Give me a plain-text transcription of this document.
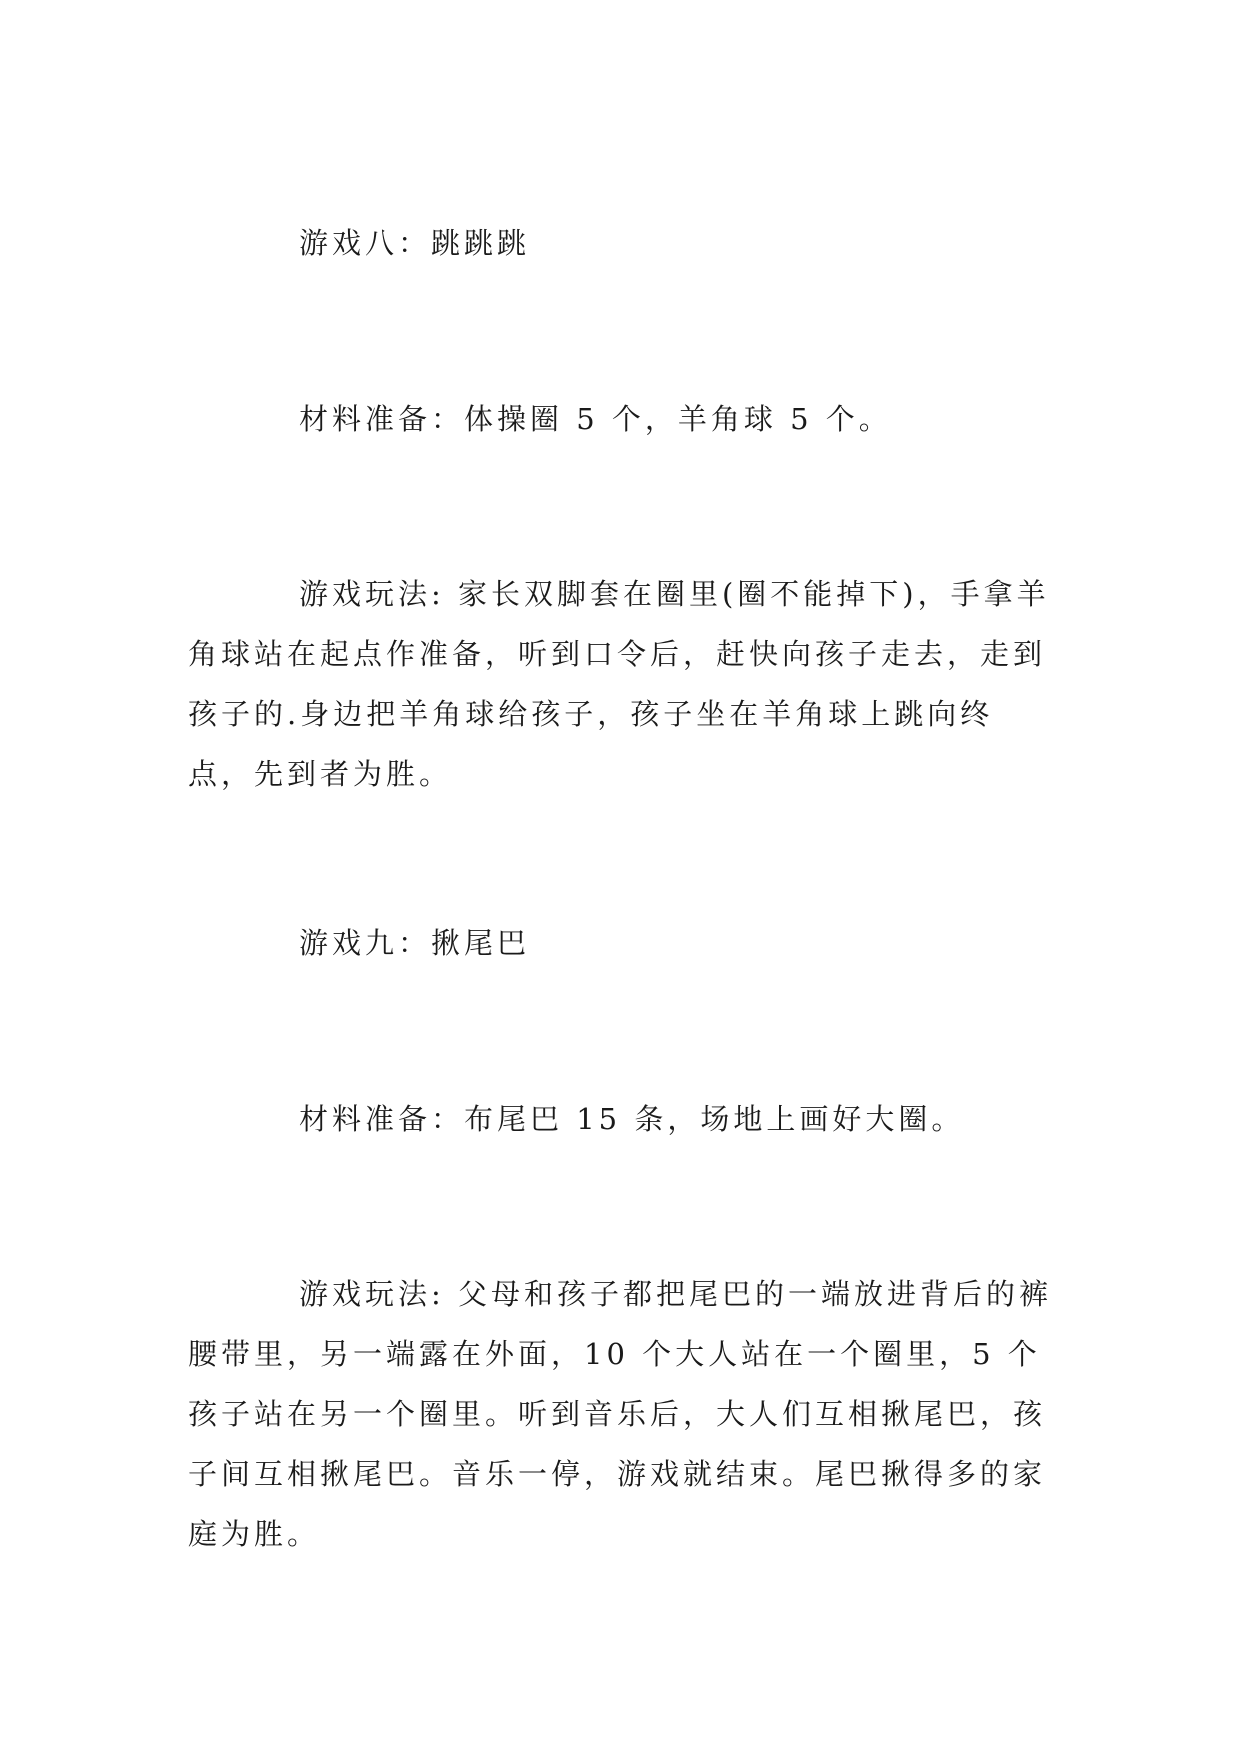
游戏八：跳跳跳

材料准备：体操圈 5 个，羊角球 5 个。

游戏玩法: 家长双脚套在圈里(圈不能掉下)，手拿羊角球站在起点作准备，听到口令后，赶快向孩子走去，走到孩子的.身边把羊角球给孩子，孩子坐在羊角球上跳向终点，先到者为胜。

游戏九：揪尾巴

材料准备：布尾巴 15 条，场地上画好大圈。

游戏玩法: 父母和孩子都把尾巴的一端放进背后的裤腰带里，另一端露在外面，10 个大人站在一个圈里，5 个孩子站在另一个圈里。听到音乐后，大人们互相揪尾巴，孩子间互相揪尾巴。音乐一停，游戏就结束。尾巴揪得多的家庭为胜。
